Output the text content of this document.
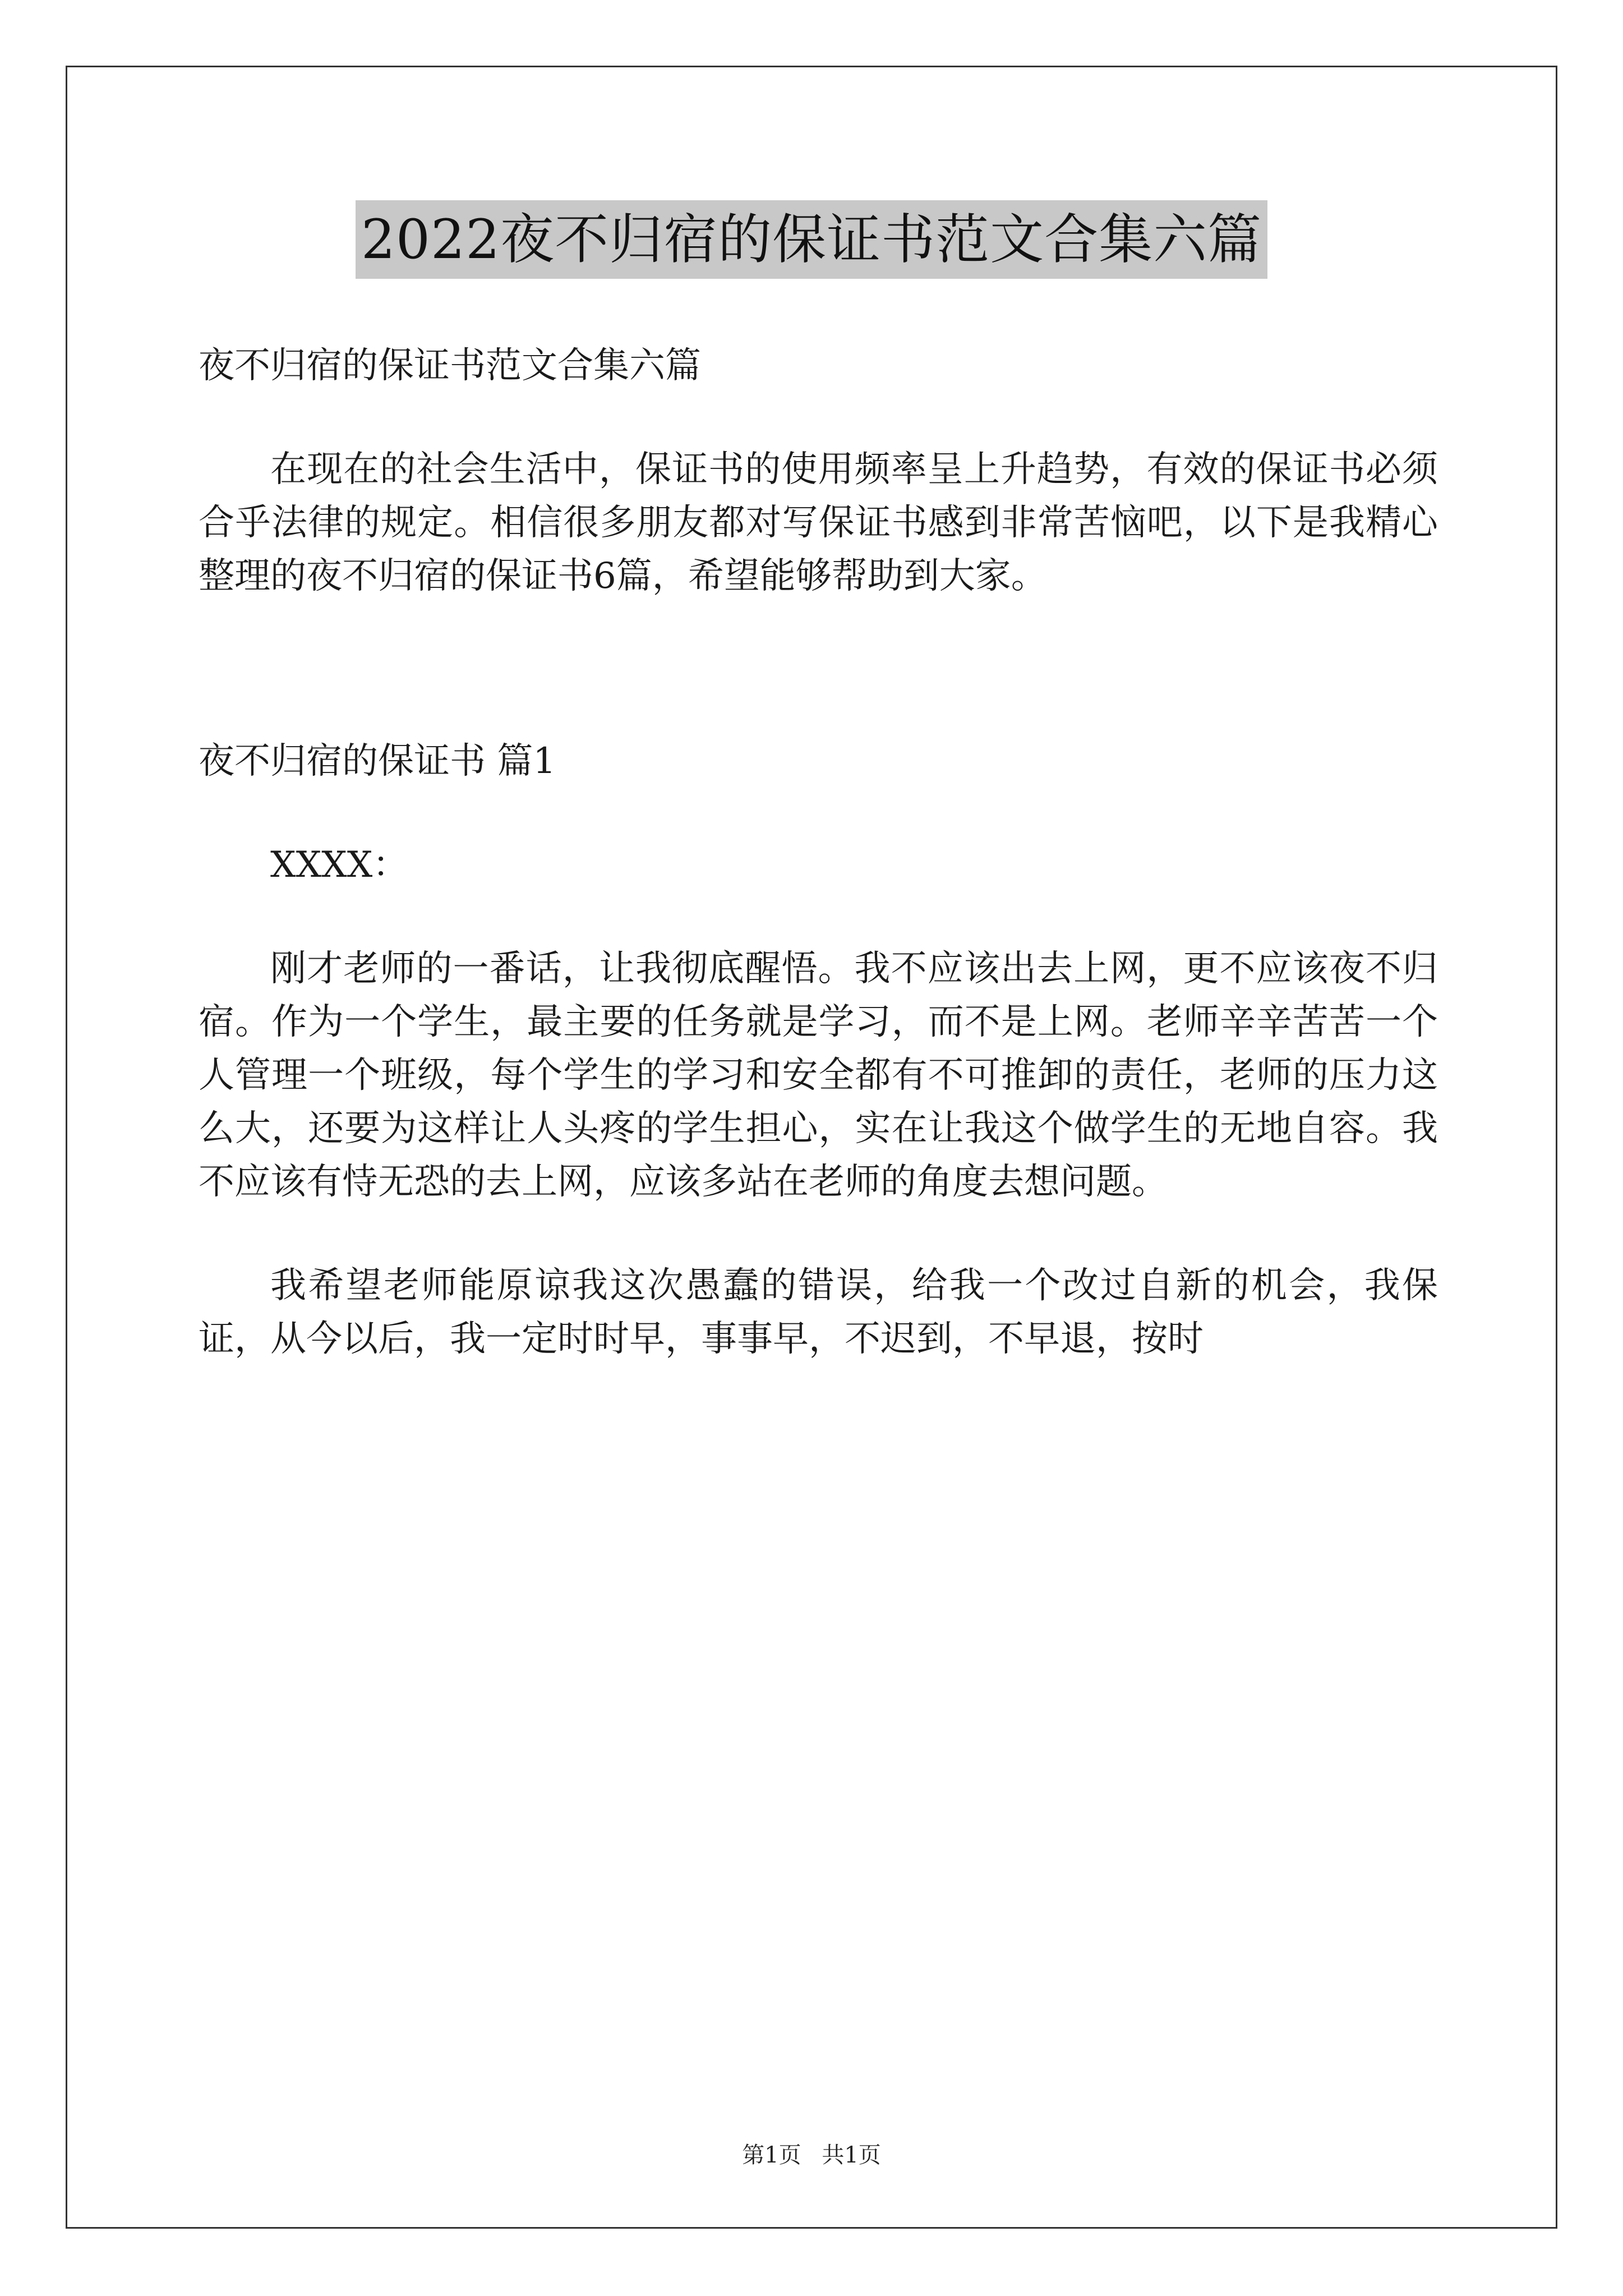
2022夜不归宿的保证书范文合集六篇

夜不归宿的保证书范文合集六篇

在现在的社会生活中，保证书的使用频率呈上升趋势，有效的保证书必须合乎法律的规定。相信很多朋友都对写保证书感到非常苦恼吧，以下是我精心整理的夜不归宿的保证书6篇，希望能够帮助到大家。

夜不归宿的保证书 篇1

XXXX：

刚才老师的一番话，让我彻底醒悟。我不应该出去上网，更不应该夜不归宿。作为一个学生，最主要的任务就是学习，而不是上网。老师辛辛苦苦一个人管理一个班级，每个学生的学习和安全都有不可推卸的责任，老师的压力这么大，还要为这样让人头疼的学生担心，实在让我这个做学生的无地自容。我不应该有恃无恐的去上网，应该多站在老师的角度去想问题。

我希望老师能原谅我这次愚蠢的错误，给我一个改过自新的机会，我保证，从今以后，我一定时时早，事事早，不迟到，不早退，按时

第1页 共1页
